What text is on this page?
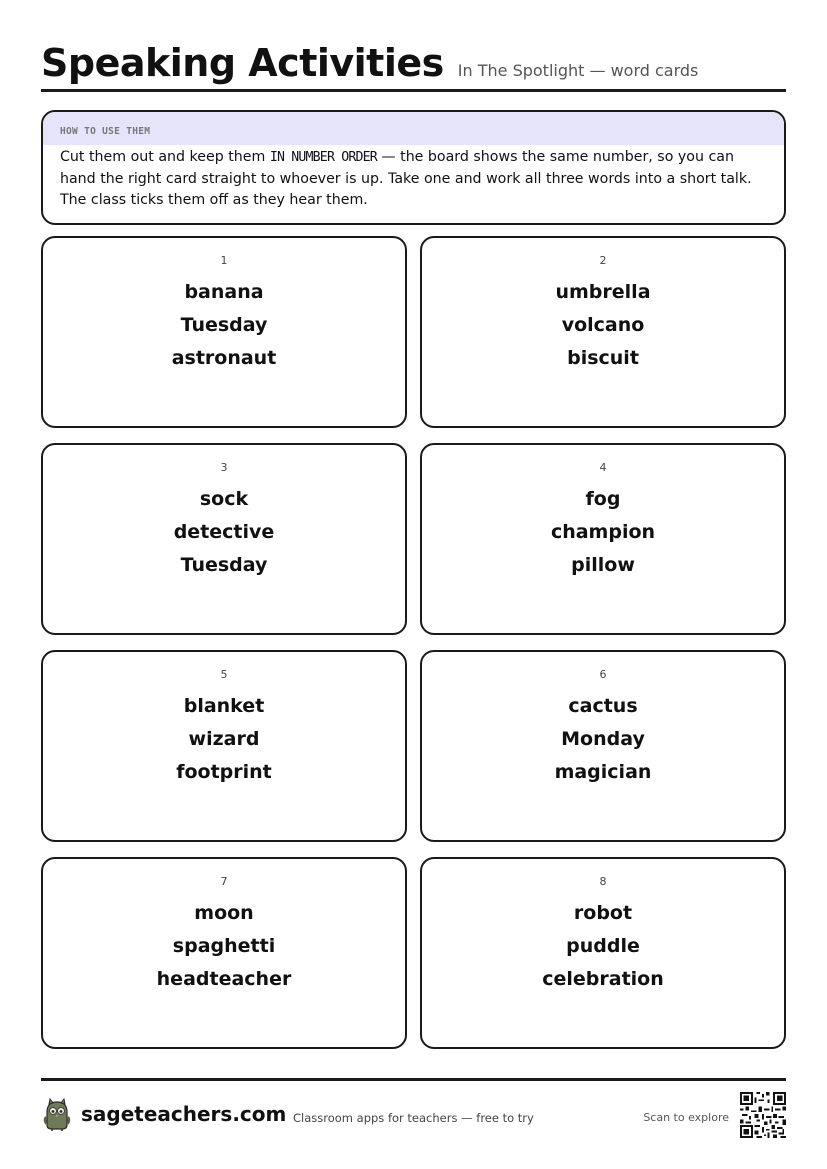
Speaking Activities In The Spotlight — word cards
HOW TO USE THEM
Cut them out and keep them IN NUMBER ORDER — the board shows the same number, so you can hand the right card straight to whoever is up. Take one and work all three words into a short talk. The class ticks them off as they hear them.
1
banana
Tuesday
astronaut
2
umbrella
volcano
biscuit
3
sock
detective
Tuesday
4
fog
champion
pillow
5
blanket
wizard
footprint
6
cactus
Monday
magician
7
moon
spaghetti
headteacher
8
robot
puddle
celebration
sageteachers.com Classroom apps for teachers — free to try	Scan to explore
